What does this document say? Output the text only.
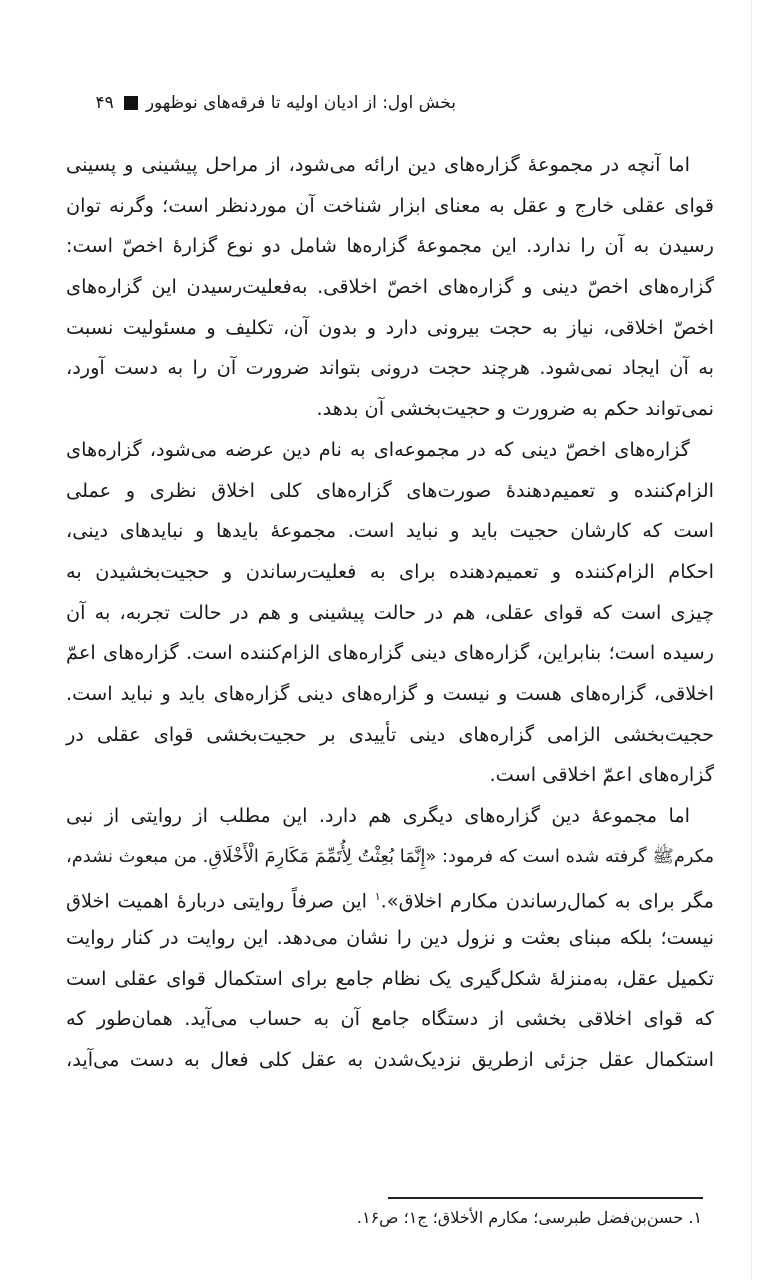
بخش اول: از ادیان اولیه تا فرقه‌های نوظهور
۴۹
اما آنچه در مجموعۀ گزاره‌های دین ارائه می‌شود، از مراحل پیشینی و پسینی
قوای عقلی خارج و عقل به معنای ابزار شناخت آن موردنظر است؛ وگرنه توان
رسیدن به آن را ندارد. این مجموعۀ گزاره‌ها شامل دو نوع گزارۀ اخصّ است:
گزاره‌های اخصّ دینی و گزاره‌های اخصّ اخلاقی. به‌فعلیت‌رسیدن این گزاره‌های
اخصّ اخلاقی، نیاز به حجت بیرونی دارد و بدون آن، تکلیف و مسئولیت نسبت
به آن ایجاد نمی‌شود. هرچند حجت درونی بتواند ضرورت آن را به دست آورد،
نمی‌تواند حکم به ضرورت و حجیت‌بخشی آن بدهد.
گزاره‌های اخصّ دینی که در مجموعه‌ای به نام دین عرضه می‌شود، گزاره‌های
الزام‌کننده و تعمیم‌دهندۀ صورت‌های گزاره‌های کلی اخلاق نظری و عملی
است که کارشان حجیت باید و نباید است. مجموعۀ بایدها و نبایدهای دینی،
احکام الزام‌کننده و تعمیم‌دهنده برای به فعلیت‌رساندن و حجیت‌بخشیدن به
چیزی است که قوای عقلی، هم در حالت پیشینی و هم در حالت تجربه، به آن
رسیده است؛ بنابراین، گزاره‌های دینی گزاره‌های الزام‌کننده است. گزاره‌های اعمّ
اخلاقی، گزاره‌های هست و نیست و گزاره‌های دینی گزاره‌های باید و نباید است.
حجیت‌بخشی الزامی گزاره‌های دینی تأییدی بر حجیت‌بخشی قوای عقلی در
گزاره‌های اعمّ اخلاقی است.
اما مجموعۀ دین گزاره‌های دیگری هم دارد. این مطلب از روایتی از نبی
مکرمﷺ گرفته شده است که فرمود: «إِنَّمَا بُعِثْتُ لِأُتَمِّمَ مَكَارِمَ الْأَخْلَاقِ. من مبعوث نشدم،
مگر برای به کمال‌رساندن مکارم اخلاق».$^۱$ این صرفاً روایتی دربارۀ اهمیت اخلاق
نیست؛ بلکه مبنای بعثت و نزول دین را نشان می‌دهد. این روایت در کنار روایت
تکمیل عقل، به‌منزلۀ شکل‌گیری یک نظام جامع برای استکمال قوای عقلی است
که قوای اخلاقی بخشی از دستگاه جامع آن به حساب می‌آید. همان‌طور که
استکمال عقل جزئی ازطریق نزدیک‌شدن به عقل کلی فعال به دست می‌آید،
۱. حسن‌بن‌فضل طبرسی؛ مکارم الأخلاق؛ ج۱؛ ص۱۶.
